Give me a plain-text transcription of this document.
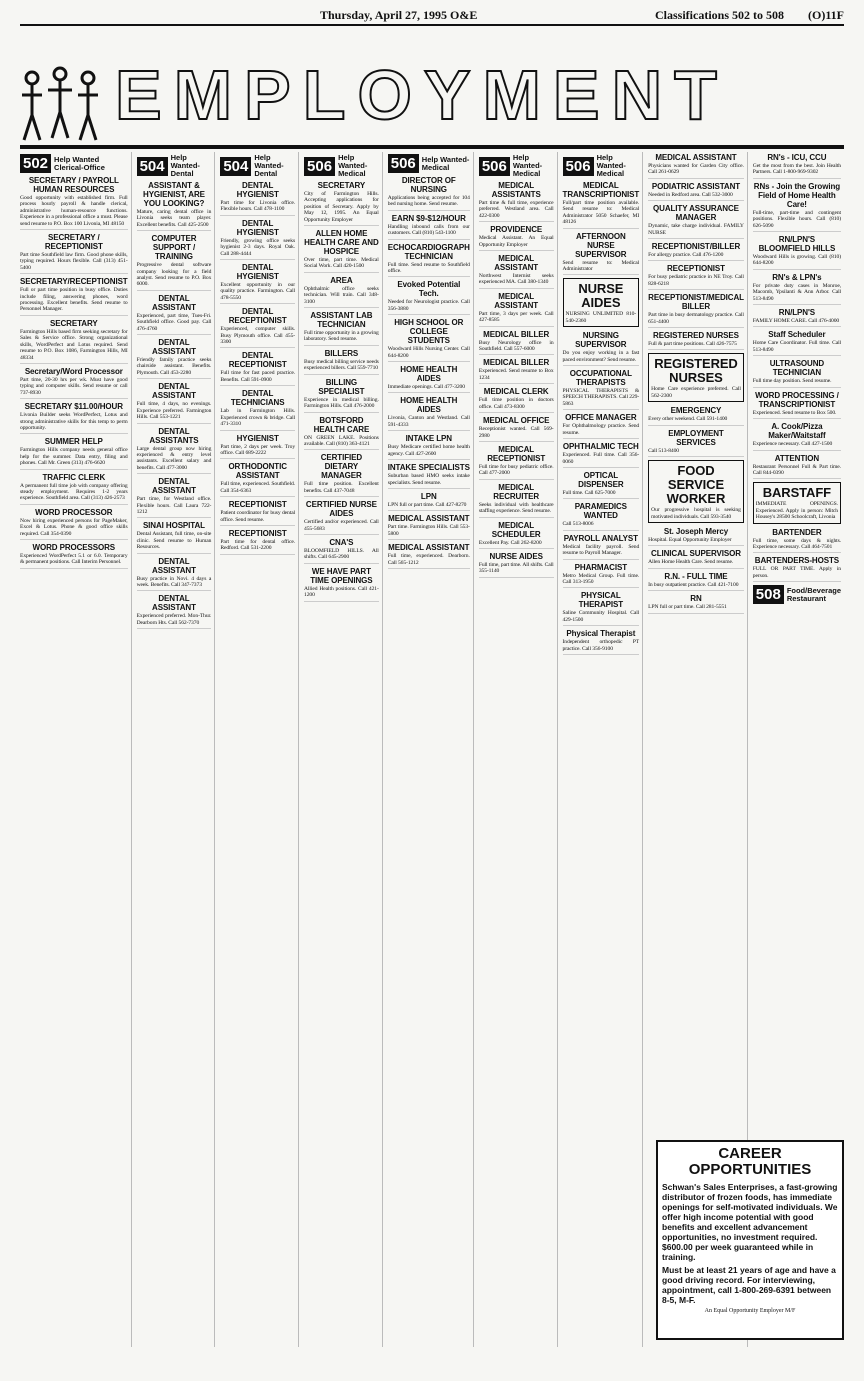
Thursday, April 27, 1995 O&E	Classifications 502 to 508 (O)11F
EMPLOYMENT
502 Help Wanted Clerical-Office
SECRETARY / PAYROLL HUMAN RESOURCES
Good opportunity with established firm. Full process hourly payroll & handle clerical, administrative human-resource functions. Experience in a professional office a must. Please send resume to P.O. Box 100 Livonia, MI 48150
SECRETARY / RECEPTIONIST
Part time Southfield law firm. Good phone skills, typing required. Hours flexible. Call (313) 451-5400
SECRETARY/RECEPTIONIST
Full or part time position in busy office. Duties include filing, answering phones, word processing. Excellent benefits. Send resume to Personnel Manager.
SECRETARY
Farmington Hills based firm seeking secretary for Sales & Service office. Strong organizational skills, WordPerfect and Lotus required. Send resume to P.O. Box 1086, Farmington Hills, MI 48334
Secretary/Word Processor
Part time, 20-30 hrs per wk. Must have good typing and computer skills. Send resume or call 737-8930
SECRETARY $11.00/HOUR
Livonia Builder seeks WordPerfect, Lotus and strong administrative skills for this temp to perm opportunity.
SUMMER HELP
Farmington Hills company needs general office help for the summer. Data entry, filing and phones. Call Mr. Green (313) 476-6620
TRAFFIC CLERK
A permanent full time job with company offering steady employment. Requires 1-2 years experience. Southfield area. Call (313) 426-2573
WORD PROCESSOR
Now hiring experienced persons for PageMaker, Excel & Lotus. Phone & good office skills required. Call 354-0390
WORD PROCESSORS
Experienced WordPerfect 5.1 or 6.0. Temporary & permanent positions. Call Interim Personnel.
504 Help Wanted-Dental
ASSISTANT & HYGIENIST, ARE YOU LOOKING?
Mature, caring dental office in Livonia seeks team player. Excellent benefits. Call 425-2500
COMPUTER SUPPORT / TRAINING
Progressive dental software company looking for a field analyst. Send resume to P.O. Box 6000.
DENTAL ASSISTANT
Experienced, part time, Tues-Fri. Southfield office. Good pay. Call 476-4760
DENTAL ASSISTANT
Friendly family practice seeks chairside assistant. Benefits. Plymouth. Call 453-2280
DENTAL ASSISTANT
Full time, 4 days, no evenings. Experience preferred. Farmington Hills. Call 553-1221
DENTAL ASSISTANTS
Large dental group now hiring experienced & entry level assistants. Excellent salary and benefits. Call 477-3000
DENTAL ASSISTANT
Part time, for Westland office. Flexible hours. Call Laura 722-1212
SINAI HOSPITAL
Dental Assistant, full time, on-site clinic. Send resume to Human Resources.
DENTAL ASSISTANT
Busy practice in Novi. 4 days a week. Benefits. Call 347-7373
DENTAL ASSISTANT
Experienced preferred. Mon-Thur. Dearborn Hts. Call 562-7370
504 Help Wanted-Dental
DENTAL HYGIENIST
Part time for Livonia office. Flexible hours. Call 478-1100
DENTAL HYGIENIST
Friendly, growing office seeks hygienist 2-3 days. Royal Oak. Call 288-4444
DENTAL HYGIENIST
Excellent opportunity in our quality practice. Farmington. Call 478-5550
DENTAL RECEPTIONIST
Experienced, computer skills. Busy Plymouth office. Call 455-3300
DENTAL RECEPTIONIST
Full time for fast paced practice. Benefits. Call 591-0900
DENTAL TECHNICIANS
Lab in Farmington Hills. Experienced crown & bridge. Call 471-3310
HYGIENIST
Part time, 2 days per week. Troy office. Call 689-2222
ORTHODONTIC ASSISTANT
Full time, experienced. Southfield. Call 354-6363
RECEPTIONIST
Patient coordinator for busy dental office. Send resume.
RECEPTIONIST
Part time for dental office. Redford. Call 531-2200
506 Help Wanted-Medical
SECRETARY
City of Farmington Hills. Accepting applications for position of Secretary. Apply by May 12, 1995. An Equal Opportunity Employer
ALLEN HOME HEALTH CARE AND HOSPICE
Over time, part time. Medical Social Work. Call 420-1500
AREA
Ophthalmic office seeks technician. Will train. Call 348-3100
ASSISTANT LAB TECHNICIAN
Full time opportunity in a growing laboratory. Send resume.
BILLERS
Busy medical billing service needs experienced billers. Call 559-7710
BILLING SPECIALIST
Experience in medical billing. Farmington Hills. Call 476-2000
BOTSFORD HEALTH CARE
ON GREEN LAKE. Positions available. Call (810) 363-4121
CERTIFIED DIETARY MANAGER
Full time position. Excellent benefits. Call 437-7048
CERTIFIED NURSE AIDES
Certified and/or experienced. Call 455-5683
CNA'S
BLOOMFIELD HILLS. All shifts. Call 645-2900
WE HAVE PART TIME OPENINGS
Allied Health positions. Call 421-1200
506 Help Wanted-Medical
DIRECTOR OF NURSING
Applications being accepted for 104 bed nursing home. Send resume.
EARN $9-$12/HOUR
Handling inbound calls from our customers. Call (810) 543-1100
ECHOCARDIOGRAPH TECHNICIAN
Full time. Send resume to Southfield office.
Evoked Potential Tech.
Needed for Neurologist practice. Call 356-3880
HIGH SCHOOL OR COLLEGE STUDENTS
Woodward Hills Nursing Center. Call 644-8200
HOME HEALTH AIDES
Immediate openings. Call 477-3200
HOME HEALTH AIDES
Livonia, Canton and Westland. Call 591-4333
INTAKE LPN
Busy Medicare certified home health agency. Call 427-2600
INTAKE SPECIALISTS
Suburban based HMO seeks intake specialists. Send resume.
LPN
LPN full or part time. Call 427-8270
MEDICAL ASSISTANT
Part time. Farmington Hills. Call 553-5800
MEDICAL ASSISTANT
Full time, experienced. Dearborn. Call 565-1212
506 Help Wanted-Medical
MEDICAL ASSISTANTS
Part time & full time, experience preferred. Westland area. Call 422-0300
PROVIDENCE
Medical Assistant. An Equal Opportunity Employer
MEDICAL ASSISTANT
Northwest Internist seeks experienced MA. Call 380-1340
MEDICAL ASSISTANT
Part time, 3 days per week. Call 427-8585
MEDICAL BILLER
Busy Neurology office in Southfield. Call 557-6000
MEDICAL BILLER
Experienced. Send resume to Box 1234
MEDICAL CLERK
Full time position in doctors office. Call 473-8300
MEDICAL OFFICE
Receptionist wanted. Call 569-2980
MEDICAL RECEPTIONIST
Full time for busy pediatric office. Call 477-2000
MEDICAL RECRUITER
Seeks individual with healthcare staffing experience. Send resume.
MEDICAL SCHEDULER
Excellent Pay. Call 262-8200
NURSE AIDES
Full time, part time. All shifts. Call 355-1140
506 Help Wanted-Medical
MEDICAL TRANSCRIPTIONIST
Full/part time position available. Send resume to: Medical Administrator 5050 Schaefer, MI 48126
AFTERNOON NURSE SUPERVISOR
Send resume to: Medical Administrator
NURSE AIDES
NURSING UNLIMITED 810-540-2360
NURSING SUPERVISOR
Do you enjoy working in a fast paced environment? Send resume.
OCCUPATIONAL THERAPISTS
PHYSICAL THERAPISTS & SPEECH THERAPISTS. Call 229-5863
OFFICE MANAGER
For Ophthalmology practice. Send resume.
OPHTHALMIC TECH
Experienced. Full time. Call 356-0060
OPTICAL DISPENSER
Full time. Call 625-7000
PARAMEDICS WANTED
Call 513-8006
PAYROLL ANALYST
Medical facility payroll. Send resume to Payroll Manager.
PHARMACIST
Metro Medical Group. Full time. Call 313-1950
PHYSICAL THERAPIST
Saline Community Hospital. Call 429-1500
Physical Therapist
Independent orthopedic PT practice. Call 356-9100
MEDICAL ASSISTANT
Physicians wanted for Garden City office. Call 261-0629
PODIATRIC ASSISTANT
Needed in Redford area. Call 532-3000
QUALITY ASSURANCE MANAGER
Dynamic, take charge individual. FAMILY NURSE
RECEPTIONIST/BILLER
For allergy practice. Call 476-1200
RECEPTIONIST
For busy pediatric practice in NE Troy. Call 828-6218
RECEPTIONIST/MEDICAL BILLER
Part time in busy dermatology practice. Call 651-4400
REGISTERED NURSES
Full & part time positions. Call 426-7575
REGISTERED NURSES
Home Care experience preferred. Call 562-2300
EMERGENCY
Every other weekend. Call 591-1400
EMPLOYMENT SERVICES
Call 513-8400
FOOD SERVICE WORKER
Our progressive hospital is seeking motivated individuals. Call 593-3540
St. Joseph Mercy
Hospital. Equal Opportunity Employer
CLINICAL SUPERVISOR
Allen Home Health Care. Send resume.
R.N. - FULL TIME
In busy outpatient practice. Call 421-7100
RN
LPN full or part time. Call 281-5551
RN's - ICU, CCU
Get the most from the best. Join Health Partners. Call 1-800-969-9302
RNs - Join the Growing Field of Home Health Care!
Full-time, part-time and contingent positions. Flexible hours. Call (810) 626-5090
RN/LPN'S BLOOMFIELD HILLS
Woodward Hills is growing. Call (810) 644-8200
RN's & LPN's
For private duty cases in Monroe, Macomb, Ypsilanti & Ann Arbor. Call 513-8490
RN/LPN'S
FAMILY HOME CARE. Call 476-4000
Staff Scheduler
Home Care Coordinator. Full time. Call 513-8490
ULTRASOUND TECHNICIAN
Full time day position. Send resume.
WORD PROCESSING / TRANSCRIPTIONIST
Experienced. Send resume to Box 500.
A. Cook/Pizza Maker/Waitstaff
Experience necessary. Call 427-1500
ATTENTION
Restaurant Personnel Full & Part time. Call 844-0390
BARSTAFF
IMMEDIATE OPENINGS. Experienced. Apply in person: Mitch Housey's 28500 Schoolcraft, Livonia
BARTENDER
Full time, some days & nights. Experience necessary. Call 464-7501
BARTENDERS-HOSTS
FULL OR PART TIME. Apply in person.
508 Food/Beverage Restaurant
CAREER OPPORTUNITIES
Schwan's Sales Enterprises, a fast-growing distributor of frozen foods, has immediate openings for self-motivated individuals. We offer high income potential with good benefits and excellent advancement opportunities, no investment required. $600.00 per week guaranteed while in training.
Must be at least 21 years of age and have a good driving record. For interviewing, appointment, call 1-800-269-6391 between 8-5, M-F.
An Equal Opportunity Employer M/F
